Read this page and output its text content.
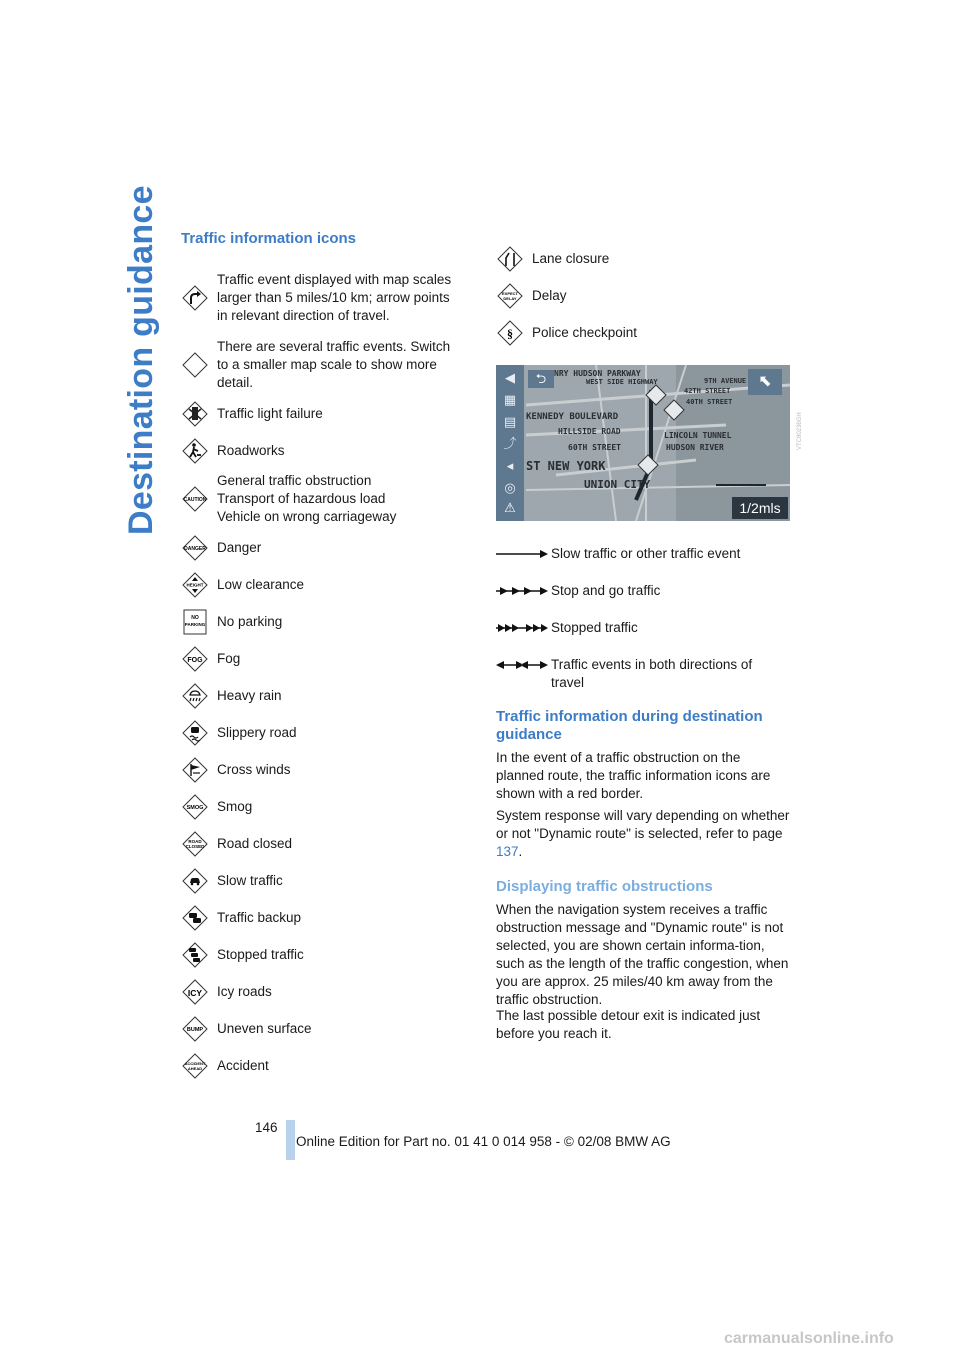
Destination guidance Traffic information icons
Traffic event displayed with map scales larger than 5 miles/10 km; arrow points in relevant direction of travel.
There are several traffic events. Switch to a smaller map scale to show more detail.
Traffic light failure
Roadworks
CAUTION
General traffic obstruction
Transport of hazardous load
Vehicle on wrong carriageway
DANGER Danger
HEIGHT Low clearance
NO
PARKING No parking
FOG Fog
Heavy rain
Slippery road
Cross winds
SMOG Smog
ROAD
CLOSED Road closed
Slow traffic
Traffic backup
Stopped traffic
ICY Icy roads
BUMP Uneven surface
ACCIDENT
AHEAD Accident
Lane closure
EXPECT
DELAY Delay
§ Police checkpoint
◀
▦
▤
⤴
◂
◎
⚠
⮌	⬉
NRY HUDSON PARKWAY
WEST SIDE HIGHWAY	9TH AVENUE
42TH STREET
40TH STREET
KENNEDY BOULEVARD
HILLSIDE ROAD	LINCOLN TUNNEL
HUDSON RIVER
60TH STREET
ST NEW YORK
UNION CITY
1/2mls
VTC80236GH
Slow traffic or other traffic event
Stop and go traffic
Stopped traffic
Traffic events in both directions of travel
Traffic information during destination guidance

In the event of a traffic obstruction on the planned route, the traffic information icons are shown with a red border.

System response will vary depending on whether or not "Dynamic route" is selected, refer to page 137.

Displaying traffic obstructions

When the navigation system receives a traffic obstruction message and "Dynamic route" is not selected, you are shown certain informa-tion, such as the length of the traffic congestion, when you are approx. 25 miles/40 km away from the traffic obstruction.

The last possible detour exit is indicated just before you reach it.

146
Online Edition for Part no. 01 41 0 014 958 - © 02/08 BMW AG
carmanualsonline.info
